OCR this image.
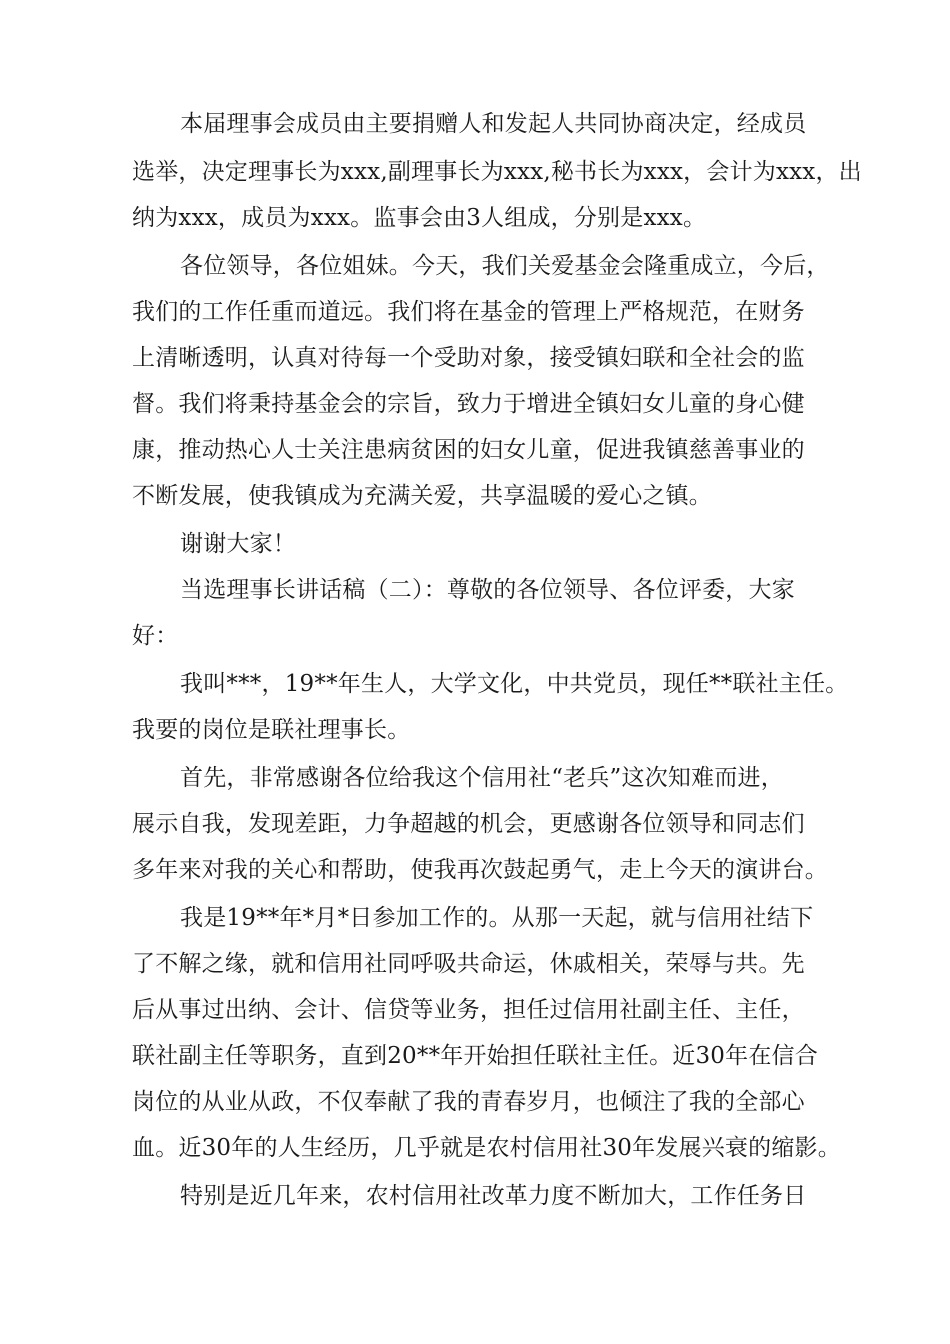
本届理事会成员由主要捐赠人和发起人共同协商决定，经成员
选举，决定理事长为xxx,副理事长为xxx,秘书长为xxx，会计为xxx，出
纳为xxx，成员为xxx。监事会由3人组成，分别是xxx。
各位领导，各位姐妹。今天，我们关爱基金会隆重成立，今后，
我们的工作任重而道远。我们将在基金的管理上严格规范，在财务
上清晰透明，认真对待每一个受助对象，接受镇妇联和全社会的监
督。我们将秉持基金会的宗旨，致力于增进全镇妇女儿童的身心健
康，推动热心人士关注患病贫困的妇女儿童，促进我镇慈善事业的
不断发展，使我镇成为充满关爱，共享温暖的爱心之镇。
谢谢大家！
当选理事长讲话稿（二）：尊敬的各位领导、各位评委，大家
好：
我叫***，19**年生人，大学文化，中共党员，现任**联社主任。
我要的岗位是联社理事长。
首先，非常感谢各位给我这个信用社“老兵”这次知难而进，
展示自我，发现差距，力争超越的机会，更感谢各位领导和同志们
多年来对我的关心和帮助，使我再次鼓起勇气，走上今天的演讲台。
我是19**年*月*日参加工作的。从那一天起，就与信用社结下
了不解之缘，就和信用社同呼吸共命运，休戚相关，荣辱与共。先
后从事过出纳、会计、信贷等业务，担任过信用社副主任、主任，
联社副主任等职务，直到20**年开始担任联社主任。近30年在信合
岗位的从业从政，不仅奉献了我的青春岁月，也倾注了我的全部心
血。近30年的人生经历，几乎就是农村信用社30年发展兴衰的缩影。
特别是近几年来，农村信用社改革力度不断加大，工作任务日
